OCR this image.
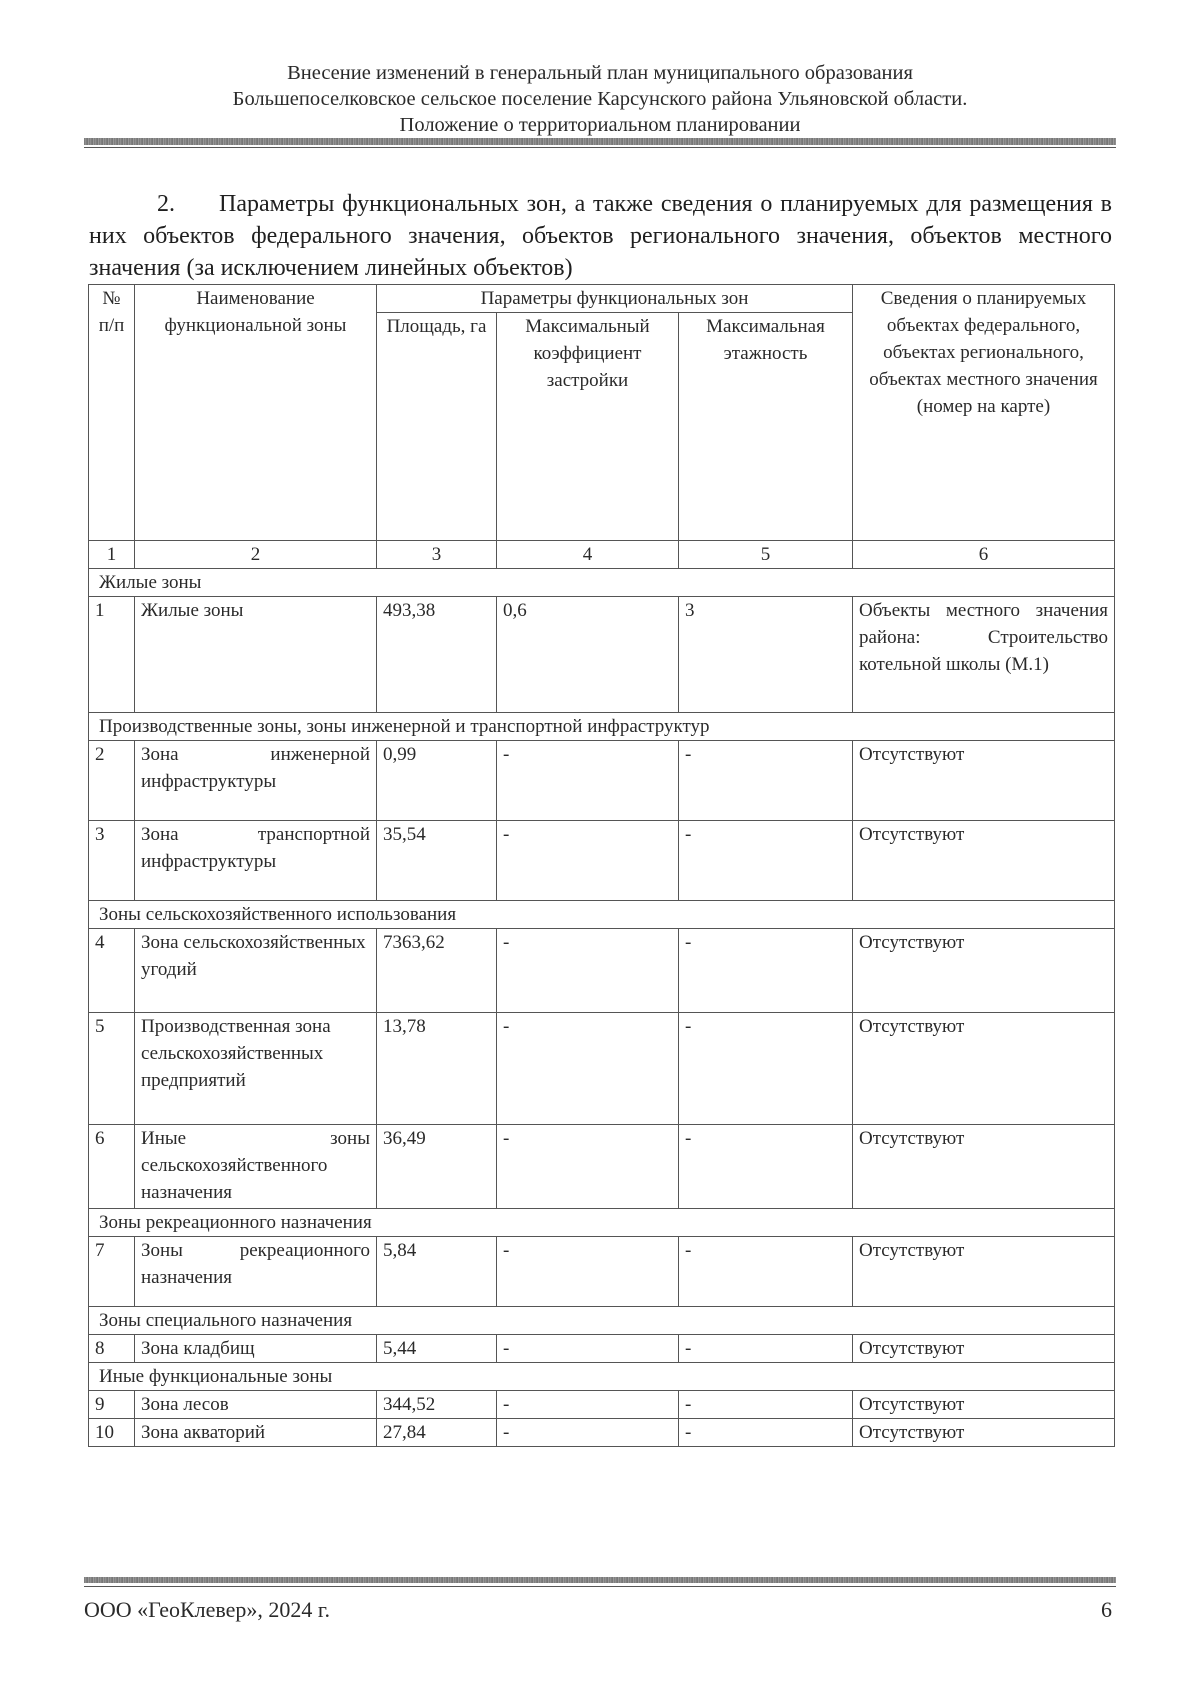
Внесение изменений в генеральный план муниципального образования
Большепоселковское сельское поселение Карсунского района Ульяновской области.
Положение о территориальном планировании
2. Параметры функциональных зон, а также сведения о планируемых для размещения в них объектов федерального значения, объектов регионального значения, объектов местного значения (за исключением линейных объектов)
№ п/п	Наименование функциональной зоны	Параметры функциональных зон			Сведения о планируемых объектах федерального, объектах регионального, объектах местного значения (номер на карте)
		Площадь, га	Максимальный коэффициент застройки	Максимальная этажность	
1	2	3	4	5	6
Жилые зоны					
1	Жилые зоны	493,38	0,6	3	Объекты местного значения района: Строительство котельной школы (М.1)
Производственные зоны, зоны инженерной и транспортной инфраструктур					
2	Зона инженерной инфраструктуры	0,99	-	-	Отсутствуют
3	Зона транспортной инфраструктуры	35,54	-	-	Отсутствуют
Зоны сельскохозяйственного использования					
4	Зона сельскохозяйственных угодий	7363,62	-	-	Отсутствуют
5	Производственная зона сельскохозяйственных предприятий	13,78	-	-	Отсутствуют
6	Иные зоны сельскохозяйственного назначения	36,49	-	-	Отсутствуют
Зоны рекреационного назначения					
7	Зоны рекреационного назначения	5,84	-	-	Отсутствуют
Зоны специального назначения					
8	Зона кладбищ	5,44	-	-	Отсутствуют
Иные функциональные зоны					
9	Зона лесов	344,52	-	-	Отсутствуют
10	Зона акваторий	27,84	-	-	Отсутствуют
ООО «ГеоКлевер», 2024 г.	6
